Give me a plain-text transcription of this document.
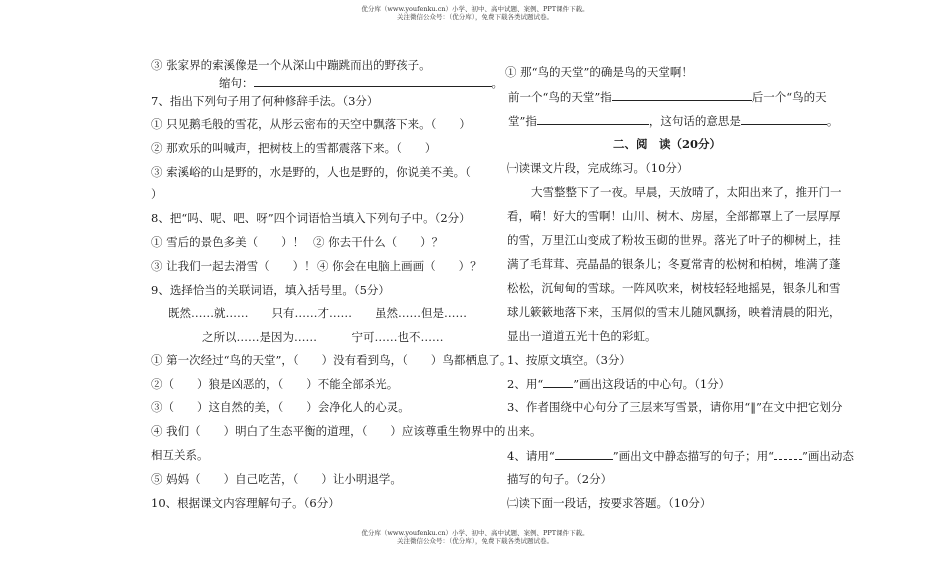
优分库（www.youfenku.cn）小学、初中、高中试题、案例、PPT课件下载。
关注微信公众号：（优分库），免费下载各类试题试卷。
③ 张家界的索溪像是一个从深山中蹦跳而出的野孩子。
缩句：	。
7、指出下列句子用了何种修辞手法。（3分）
① 只见鹅毛般的雪花，从彤云密布的天空中飘落下来。（　　）
② 那欢乐的叫喊声，把树枝上的雪都震落下来。（　　）
③ 索溪峪的山是野的，水是野的，人也是野的，你说美不美。（
）
8、把“吗、呢、吧、呀”四个词语恰当填入下列句子中。（2分）
① 雪后的景色多美（　　）！ ② 你去干什么（　　）？
③ 让我们一起去滑雪（　　）！ ④ 你会在电脑上画画（　　）？
9、选择恰当的关联词语，填入括号里。（5分）
既然……就……　　只有……才……　　虽然……但是……
之所以……是因为……　　　宁可……也不……
① 第一次经过“鸟的天堂”，（　　）没有看到鸟，（　　）鸟都栖息了。
②（　　）狼是凶恶的，（　　）不能全部杀光。
③（　　）这自然的美，（　　）会净化人的心灵。
④ 我们（　　）明白了生态平衡的道理，（　　）应该尊重生物界中的
相互关系。
⑤ 妈妈（　　）自己吃苦，（　　）让小明退学。
10、根据课文内容理解句子。（6分）
① 那“鸟的天堂”的确是鸟的天堂啊！
前一个“鸟的天堂”指	后一个“鸟的天
堂”指	，这句话的意思是	。
二、阅　读（20分）
㈠读课文片段，完成练习。（10分）
大雪整整下了一夜。早晨，天放晴了，太阳出来了，推开门一
看，嗬！好大的雪啊！山川、树木、房屋，全部都罩上了一层厚厚
的雪，万里江山变成了粉妆玉砌的世界。落光了叶子的柳树上，挂
满了毛茸茸、亮晶晶的银条儿；冬夏常青的松树和柏树，堆满了蓬
松松，沉甸甸的雪球。一阵风吹来，树枝轻轻地摇晃，银条儿和雪
球儿簌簌地落下来，玉屑似的雪末儿随风飘扬，映着清晨的阳光，
显出一道道五光十色的彩虹。
1、按原文填空。（3分）
2、用“	”画出这段话的中心句。（1分）
3、作者围绕中心句分了三层来写雪景，请你用“‖”在文中把它划分
出来。
4、请用“	”画出文中静态描写的句子；用“ ”画出动态
描写的句子。（2分）
㈡读下面一段话，按要求答题。（10分）
优分库（www.youfenku.cn）小学、初中、高中试题、案例、PPT课件下载。
关注微信公众号：（优分库），免费下载各类试题试卷。
